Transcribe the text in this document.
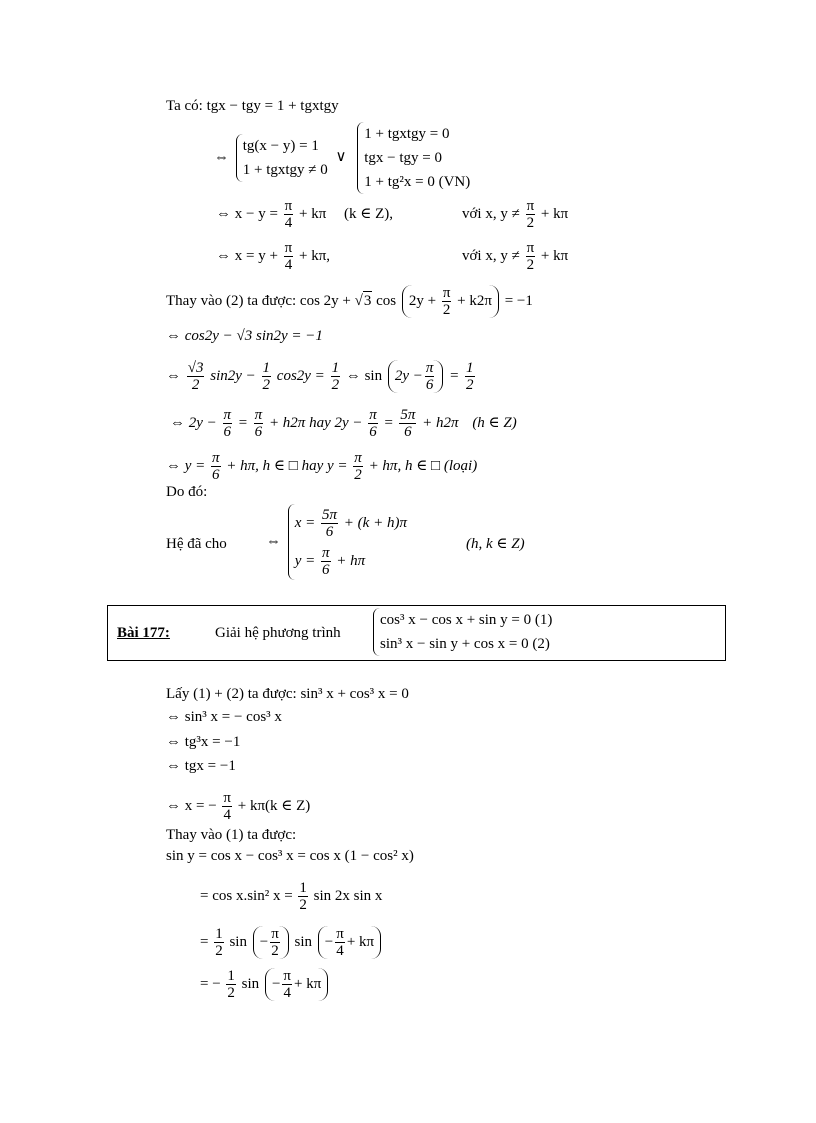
Ta có: tgx − tgy = 1 + tgxtgy
⇔
tg(x − y) = 1
1 + tgxtgy ≠ 0
∨
1 + tgxtgy = 0
tgx − tgy = 0
1 + tg²x = 0 (VN)
⇔ $x - y = \frac{\pi}{4} + k\pi$ (k ∈ Z),	với x, $y \ne \frac{\pi}{2} + k\pi$
⇔ $x = y + \frac{\pi}{4} + k\pi$,	với x, $y \ne \frac{\pi}{2} + k\pi$
Thay vào (2) ta được: cos 2y + √3 $\cos 2y + \frac{\pi}{2} + k2\pi = -1$
⇔ cos2y − √3 sin2y = −1
⇔ $\frac{√3}{2} \sin 2y - \frac{1}{2} \cos 2y = \frac{1}{2}$ ⇔ $\sin 2y - \frac{\pi}{6} = \frac{1}{2}$
⇔ $2y - \frac{\pi}{6} = \frac{\pi}{6} + h2\pi$ hay $2y - \frac{\pi}{6} = \frac{5\pi}{6} + h2\pi$ (h ∈ Z)
⇔ $y = \frac{\pi}{6} + h\pi$, h ∈ □ hay $y = \frac{\pi}{2} + h\pi$, h ∈ □ (loại)
Do đó:
Hệ đã cho	⇔
$x = \frac{5\pi}{6} + (k + h)\pi$
$y = \frac{\pi}{6} + h\pi$
(h, k ∈ Z)
Bài 177:	Giải hệ phương trình
cos³ x − cos x + sin y = 0 (1)
sin³ x − sin y + cos x = 0 (2)
Lấy (1) + (2) ta được: sin³ x + cos³ x = 0
⇔ sin³ x = − cos³ x
⇔ tg³x = −1
⇔ tgx = −1
⇔ x = − $\frac{\pi}{4} + k\pi(k$ ∈ Z)
Thay vào (1) ta được:
sin y = cos x − cos³ x = cos x (1 − cos² x)
= cos x.sin² $x = \frac{1}{2}$ sin 2x sin x
= $\frac{1}{2}$ $\sin - \frac{\pi}{2}$ $\sin - \frac{\pi}{4} + k\pi$
= − $\frac{1}{2}$ $\sin - \frac{\pi}{4} + k\pi$
